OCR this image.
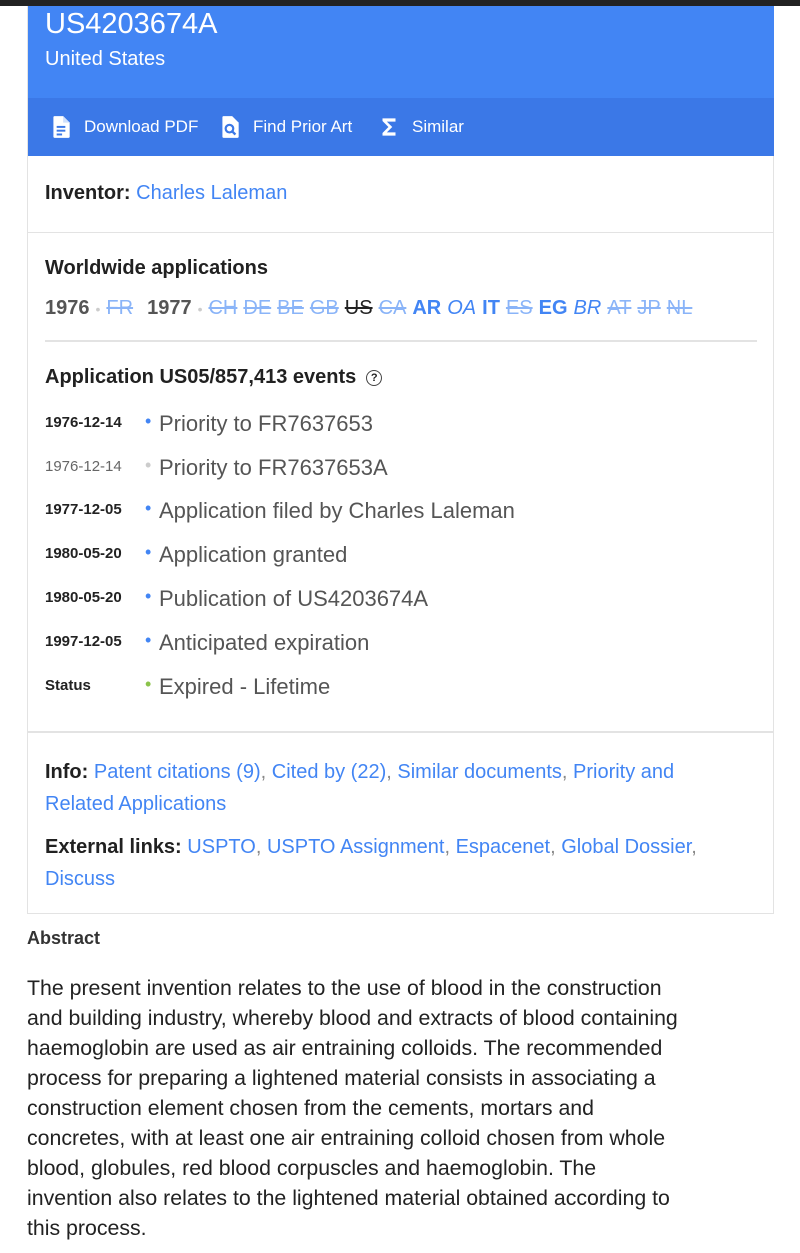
US4203674A
United States
Download PDF	Find Prior Art	Similar
Inventor: Charles Laleman
Worldwide applications
1976 • FR 1977 • CH DE BE GB US CA AR OA IT ES EG BR AT JP NL
Application US05/857,413 events	?
1976-12-14	• Priority to FR7637653
1976-12-14	• Priority to FR7637653A
1977-12-05	• Application filed by Charles Laleman
1980-05-20	• Application granted
1980-05-20	• Publication of US4203674A
1997-12-05	• Anticipated expiration
Status	• Expired - Lifetime
Info: Patent citations (9), Cited by (22), Similar documents, Priority and Related Applications
External links: USPTO, USPTO Assignment, Espacenet, Global Dossier, Discuss
Abstract
The present invention relates to the use of blood in the construction and building industry, whereby blood and extracts of blood containing haemoglobin are used as air entraining colloids. The recommended process for preparing a lightened material consists in associating a construction element chosen from the cements, mortars and concretes, with at least one air entraining colloid chosen from whole blood, globules, red blood corpuscles and haemoglobin. The invention also relates to the lightened material obtained according to this process.
